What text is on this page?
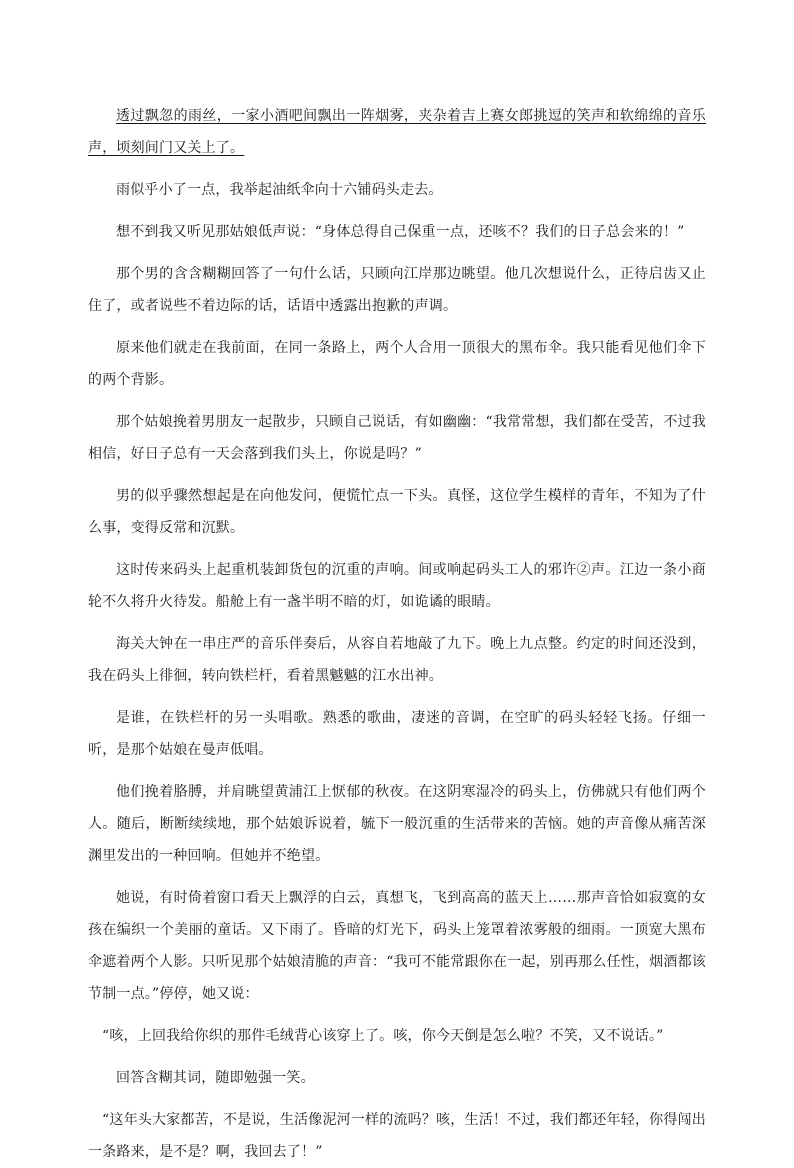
透过飘忽的雨丝，一家小酒吧间飘出一阵烟雾，夹杂着吉上赛女郎挑逗的笑声和软绵绵的音乐声，顷刻间门又关上了。

雨似乎小了一点，我举起油纸伞向十六铺码头走去。

想不到我又听见那姑娘低声说：“身体总得自己保重一点，还咳不？我们的日子总会来的！”

那个男的含含糊糊回答了一句什么话，只顾向江岸那边眺望。他几次想说什么，正待启齿又止住了，或者说些不着边际的话，话语中透露出抱歉的声调。

原来他们就走在我前面，在同一条路上，两个人合用一顶很大的黑布伞。我只能看见他们伞下的两个背影。

那个姑娘挽着男朋友一起散步，只顾自己说话，有如幽幽：“我常常想，我们都在受苦，不过我相信，好日子总有一天会落到我们头上，你说是吗？”

男的似乎骤然想起是在向他发问，便慌忙点一下头。真怪，这位学生模样的青年，不知为了什么事，变得反常和沉默。

这时传来码头上起重机装卸货包的沉重的声响。间或响起码头工人的邪许②声。江边一条小商轮不久将升火待发。船舱上有一盏半明不暗的灯，如诡谲的眼睛。

海关大钟在一串庄严的音乐伴奏后，从容自若地敲了九下。晚上九点整。约定的时间还没到，我在码头上徘徊，转向铁栏杆，看着黑魆魆的江水出神。

是谁，在铁栏杆的另一头唱歌。熟悉的歌曲，凄迷的音调，在空旷的码头轻轻飞扬。仔细一听，是那个姑娘在曼声低唱。

他们挽着胳膊，并肩眺望黄浦江上恹郁的秋夜。在这阴寒湿冷的码头上，仿佛就只有他们两个人。随后，断断续续地，那个姑娘诉说着，毓下一般沉重的生活带来的苦恼。她的声音像从痛苦深渊里发出的一种回响。但她并不绝望。

她说，有时倚着窗口看天上飘浮的白云，真想飞，飞到高高的蓝天上……那声音恰如寂寞的女孩在编织一个美丽的童话。又下雨了。昏暗的灯光下，码头上笼罩着浓雾般的细雨。一顶宽大黑布伞遮着两个人影。只听见那个姑娘清脆的声音：“我可不能常跟你在一起，别再那么任性，烟酒都该节制一点。”停停，她又说：

“咳，上回我给你织的那件毛绒背心该穿上了。咳，你今天倒是怎么啦？不笑，又不说话。”

回答含糊其词，随即勉强一笑。

“这年头大家都苦，不是说，生活像泥河一样的流吗？咳，生活！不过，我们都还年轻，你得闯出一条路来，是不是？啊，我回去了！”
